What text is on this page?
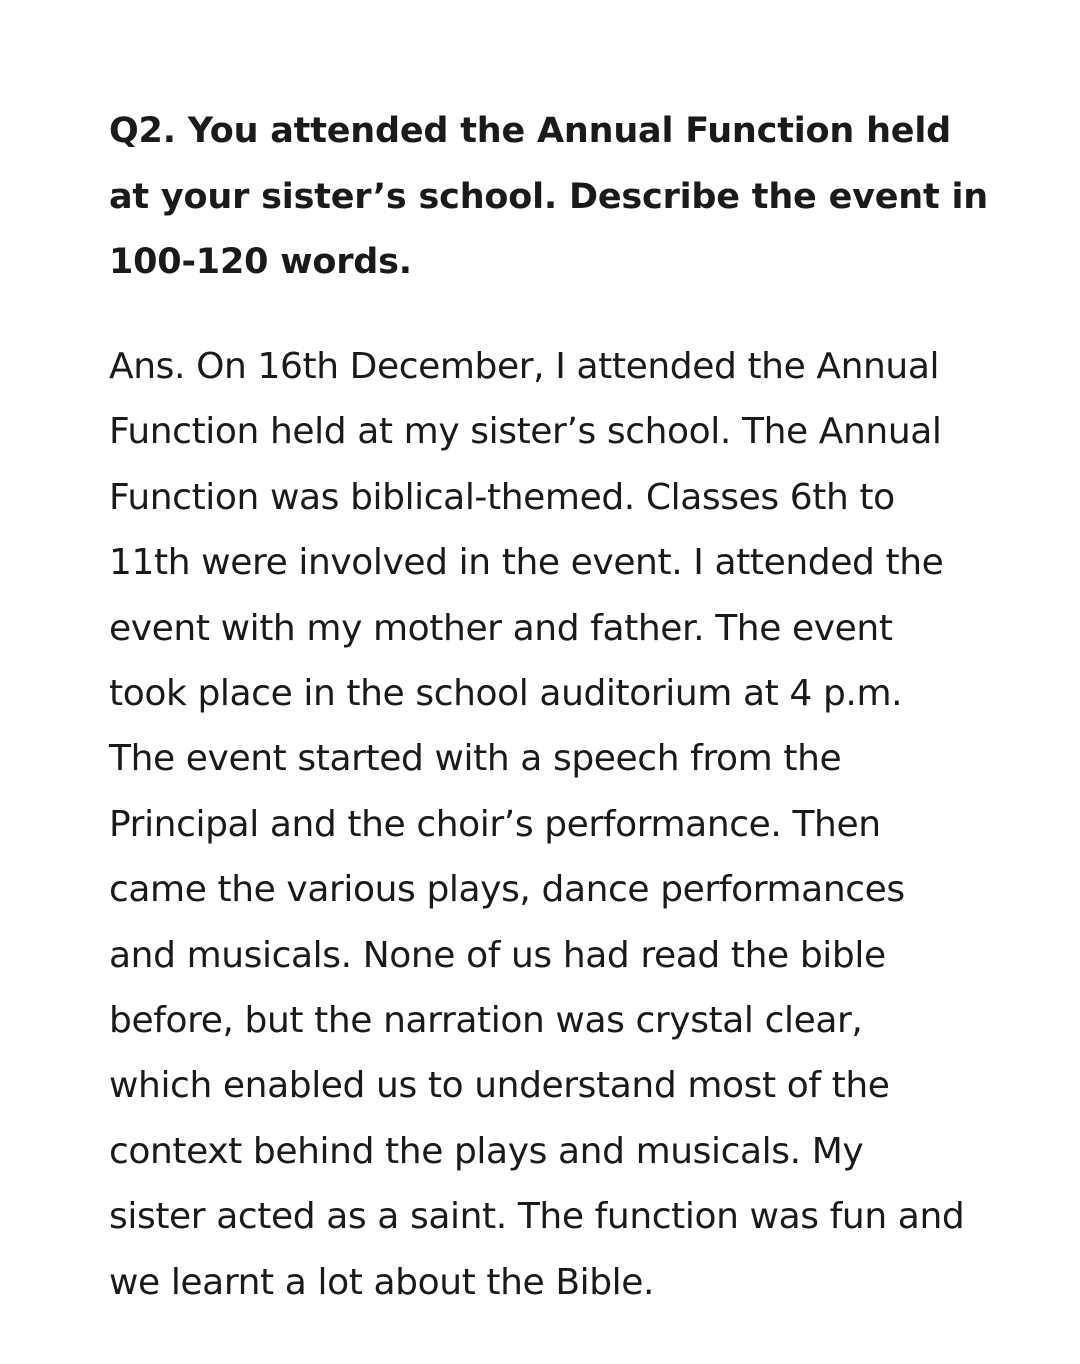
Q2. You attended the Annual Function held
at your sister’s school. Describe the event in
100-120 words.

Ans. On 16th December, I attended the Annual
Function held at my sister’s school. The Annual
Function was biblical-themed. Classes 6th to
11th were involved in the event. I attended the
event with my mother and father. The event
took place in the school auditorium at 4 p.m.
The event started with a speech from the
Principal and the choir’s performance. Then
came the various plays, dance performances
and musicals. None of us had read the bible
before, but the narration was crystal clear,
which enabled us to understand most of the
context behind the plays and musicals. My
sister acted as a saint. The function was fun and
we learnt a lot about the Bible.
